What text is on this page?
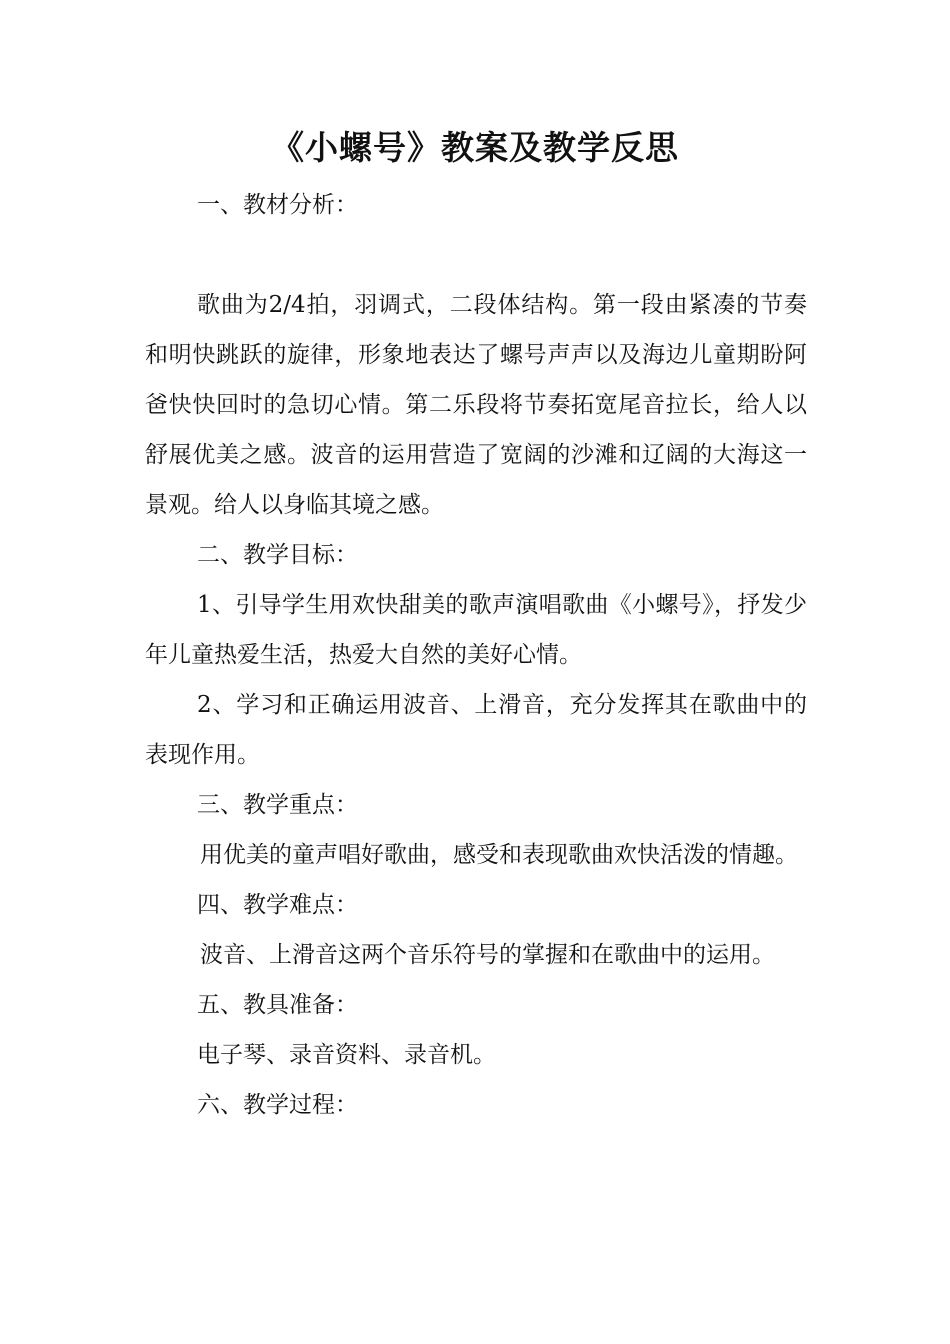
《小螺号》教案及教学反思

一、教材分析：

歌曲为2/4拍，羽调式，二段体结构。第一段由紧凑的节奏和明快跳跃的旋律，形象地表达了螺号声声以及海边儿童期盼阿爸快快回时的急切心情。第二乐段将节奏拓宽尾音拉长，给人以舒展优美之感。波音的运用营造了宽阔的沙滩和辽阔的大海这一景观。给人以身临其境之感。

二、教学目标：

1、引导学生用欢快甜美的歌声演唱歌曲《小螺号》，抒发少年儿童热爱生活，热爱大自然的美好心情。

2、学习和正确运用波音、上滑音，充分发挥其在歌曲中的表现作用。

三、教学重点：

用优美的童声唱好歌曲，感受和表现歌曲欢快活泼的情趣。

四、教学难点：

波音、上滑音这两个音乐符号的掌握和在歌曲中的运用。

五、教具准备：

电子琴、录音资料、录音机。

六、教学过程：
